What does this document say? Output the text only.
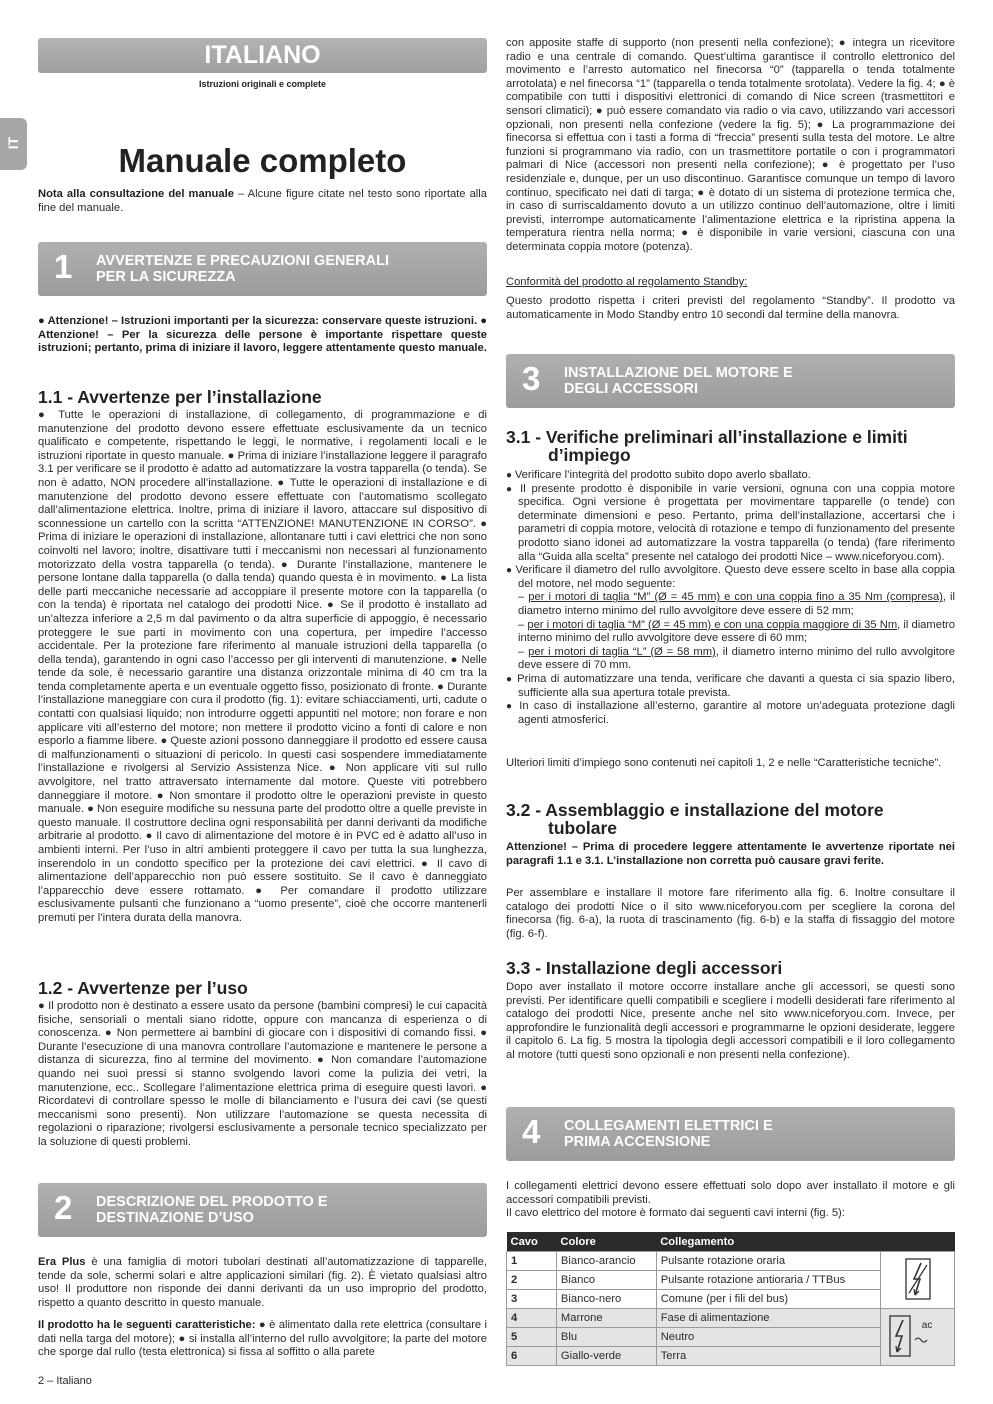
IT
ITALIANO
Istruzioni originali e complete
Manuale completo
Nota alla consultazione del manuale – Alcune figure citate nel testo sono riportate alla fine del manuale.
1 AVVERTENZE E PRECAUZIONI GENERALI
PER LA SICUREZZA
● Attenzione! – Istruzioni importanti per la sicurezza: conservare queste istruzioni. ● Attenzione! – Per la sicurezza delle persone è importante rispettare queste istruzioni; pertanto, prima di iniziare il lavoro, leggere attentamente questo manuale.
1.1 - Avvertenze per l’installazione
● Tutte le operazioni di installazione, di collegamento, di programmazione e di manutenzione del prodotto devono essere effettuate esclusivamente da un tecnico qualificato e competente, rispettando le leggi, le normative, i regolamenti locali e le istruzioni riportate in questo manuale. ● Prima di iniziare l’installazione leggere il paragrafo 3.1 per verificare se il prodotto è adatto ad automatizzare la vostra tapparella (o tenda). Se non è adatto, NON procedere all’installazione. ● Tutte le operazioni di installazione e di manutenzione del prodotto devono essere effettuate con l’automatismo scollegato dall’alimentazione elettrica. Inoltre, prima di iniziare il lavoro, attaccare sul dispositivo di sconnessione un cartello con la scritta “ATTENZIONE! MANUTENZIONE IN CORSO”. ● Prima di iniziare le operazioni di installazione, allontanare tutti i cavi elettrici che non sono coinvolti nel lavoro; inoltre, disattivare tutti i meccanismi non necessari al funzionamento motorizzato della vostra tapparella (o tenda). ● Durante l’installazione, mantenere le persone lontane dalla tapparella (o dalla tenda) quando questa è in movimento. ● La lista delle parti meccaniche necessarie ad accoppiare il presente motore con la tapparella (o con la tenda) è riportata nel catalogo dei prodotti Nice. ● Se il prodotto è installato ad un’altezza inferiore a 2,5 m dal pavimento o da altra superficie di appoggio, è necessario proteggere le sue parti in movimento con una copertura, per impedire l’accesso accidentale. Per la protezione fare riferimento al manuale istruzioni della tapparella (o della tenda), garantendo in ogni caso l’accesso per gli interventi di manutenzione. ● Nelle tende da sole, è necessario garantire una distanza orizzontale minima di 40 cm tra la tenda completamente aperta e un eventuale oggetto fisso, posizionato di fronte. ● Durante l’installazione maneggiare con cura il prodotto (fig. 1): evitare schiacciamenti, urti, cadute o contatti con qualsiasi liquido; non introdurre oggetti appuntiti nel motore; non forare e non applicare viti all’esterno del motore; non mettere il prodotto vicino a fonti di calore e non esporlo a fiamme libere. ● Queste azioni possono danneggiare il prodotto ed essere causa di malfunzionamenti o situazioni di pericolo. In questi casi sospendere immediatamente l’installazione e rivolgersi al Servizio Assistenza Nice. ● Non applicare viti sul rullo avvolgitore, nel tratto attraversato internamente dal motore. Queste viti potrebbero danneggiare il motore. ● Non smontare il prodotto oltre le operazioni previste in questo manuale. ● Non eseguire modifiche su nessuna parte del prodotto oltre a quelle previste in questo manuale. Il costruttore declina ogni responsabilità per danni derivanti da modifiche arbitrarie al prodotto. ● Il cavo di alimentazione del motore è in PVC ed è adatto all’uso in ambienti interni. Per l’uso in altri ambienti proteggere il cavo per tutta la sua lunghezza, inserendolo in un condotto specifico per la protezione dei cavi elettrici. ● Il cavo di alimentazione dell’apparecchio non può essere sostituito. Se il cavo è danneggiato l’apparecchio deve essere rottamato. ● Per comandare il prodotto utilizzare esclusivamente pulsanti che funzionano a “uomo presente”, cioè che occorre mantenerli premuti per l’intera durata della manovra.
1.2 - Avvertenze per l’uso
● Il prodotto non è destinato a essere usato da persone (bambini compresi) le cui capacità fisiche, sensoriali o mentali siano ridotte, oppure con mancanza di esperienza o di conoscenza. ● Non permettere ai bambini di giocare con i dispositivi di comando fissi. ● Durante l’esecuzione di una manovra controllare l’automazione e mantenere le persone a distanza di sicurezza, fino al termine del movimento. ● Non comandare l’automazione quando nei suoi pressi si stanno svolgendo lavori come la pulizia dei vetri, la manutenzione, ecc.. Scollegare l’alimentazione elettrica prima di eseguire questi lavori. ● Ricordatevi di controllare spesso le molle di bilanciamento e l’usura dei cavi (se questi meccanismi sono presenti). Non utilizzare l’automazione se questa necessita di regolazioni o riparazione; rivolgersi esclusivamente a personale tecnico specializzato per la soluzione di questi problemi.
2 DESCRIZIONE DEL PRODOTTO E
DESTINAZIONE D’USO
Era Plus è una famiglia di motori tubolari destinati all’automatizzazione di tapparelle, tende da sole, schermi solari e altre applicazioni similari (fig. 2). È vietato qualsiasi altro uso! Il produttore non risponde dei danni derivanti da un uso improprio del prodotto, rispetto a quanto descritto in questo manuale.
Il prodotto ha le seguenti caratteristiche: ● è alimentato dalla rete elettrica (consultare i dati nella targa del motore); ● si installa all’interno del rullo avvolgitore; la parte del motore che sporge dal rullo (testa elettronica) si fissa al soffitto o alla parete
con apposite staffe di supporto (non presenti nella confezione); ● integra un ricevitore radio e una centrale di comando. Quest’ultima garantisce il controllo elettronico del movimento e l’arresto automatico nel finecorsa “0” (tapparella o tenda totalmente arrotolata) e nel finecorsa “1” (tapparella o tenda totalmente srotolata). Vedere la fig. 4; ● è compatibile con tutti i dispositivi elettronici di comando di Nice screen (trasmettitori e sensori climatici); ● può essere comandato via radio o via cavo, utilizzando vari accessori opzionali, non presenti nella confezione (vedere la fig. 5); ● La programmazione dei finecorsa si effettua con i tasti a forma di “freccia” presenti sulla testa del motore. Le altre funzioni si programmano via radio, con un trasmettitore portatile o con i programmatori palmari di Nice (accessori non presenti nella confezione); ● è progettato per l’uso residenziale e, dunque, per un uso discontinuo. Garantisce comunque un tempo di lavoro continuo, specificato nei dati di targa; ● è dotato di un sistema di protezione termica che, in caso di surriscaldamento dovuto a un utilizzo continuo dell’automazione, oltre i limiti previsti, interrompe automaticamente l’alimentazione elettrica e la ripristina appena la temperatura rientra nella norma; ● è disponibile in varie versioni, ciascuna con una determinata coppia motore (potenza).
Conformità del prodotto al regolamento Standby:
Questo prodotto rispetta i criteri previsti del regolamento “Standby”. Il prodotto va automaticamente in Modo Standby entro 10 secondi dal termine della manovra.
3 INSTALLAZIONE DEL MOTORE E
DEGLI ACCESSORI
3.1 - Verifiche preliminari all’installazione e limiti
d’impiego

● Verificare l’integrità del prodotto subito dopo averlo sballato.

● Il presente prodotto è disponibile in varie versioni, ognuna con una coppia motore specifica. Ogni versione è progettata per movimentare tapparelle (o tende) con determinate dimensioni e peso. Pertanto, prima dell’installazione, accertarsi che i parametri di coppia motore, velocità di rotazione e tempo di funzionamento del presente prodotto siano idonei ad automatizzare la vostra tapparella (o tenda) (fare riferimento alla “Guida alla scelta” presente nel catalogo dei prodotti Nice – www.niceforyou.com).

● Verificare il diametro del rullo avvolgitore. Questo deve essere scelto in base alla coppia del motore, nel modo seguente:
– per i motori di taglia “M” (Ø = 45 mm) e con una coppia fino a 35 Nm (compresa), il diametro interno minimo del rullo avvolgitore deve essere di 52 mm;
– per i motori di taglia “M” (Ø = 45 mm) e con una coppia maggiore di 35 Nm, il diametro interno minimo del rullo avvolgitore deve essere di 60 mm;
– per i motori di taglia “L” (Ø = 58 mm), il diametro interno minimo del rullo avvolgitore deve essere di 70 mm.

● Prima di automatizzare una tenda, verificare che davanti a questa ci sia spazio libero, sufficiente alla sua apertura totale prevista.

● In caso di installazione all’esterno, garantire al motore un’adeguata protezione dagli agenti atmosferici.

Ulteriori limiti d’impiego sono contenuti nei capitoli 1, 2 e nelle “Caratteristiche tecniche”.
3.2 - Assemblaggio e installazione del motore
tubolare
Attenzione! – Prima di procedere leggere attentamente le avvertenze riportate nei paragrafi 1.1 e 3.1. L’installazione non corretta può causare gravi ferite.
Per assemblare e installare il motore fare riferimento alla fig. 6. Inoltre consultare il catalogo dei prodotti Nice o il sito www.niceforyou.com per scegliere la corona del finecorsa (fig. 6-a), la ruota di trascinamento (fig. 6-b) e la staffa di fissaggio del motore (fig. 6-f).
3.3 - Installazione degli accessori
Dopo aver installato il motore occorre installare anche gli accessori, se questi sono previsti. Per identificare quelli compatibili e scegliere i modelli desiderati fare riferimento al catalogo dei prodotti Nice, presente anche nel sito www.niceforyou.com. Invece, per approfondire le funzionalità degli accessori e programmarne le opzioni desiderate, leggere il capitolo 6. La fig. 5 mostra la tipologia degli accessori compatibili e il loro collegamento al motore (tutti questi sono opzionali e non presenti nella confezione).
4 COLLEGAMENTI ELETTRICI E
PRIMA ACCENSIONE
I collegamenti elettrici devono essere effettuati solo dopo aver installato il motore e gli accessori compatibili previsti.
Il cavo elettrico del motore è formato dai seguenti cavi interni (fig. 5):
Cavo	Colore	Collegamento	
1	Bianco-arancio	Pulsante rotazione oraria	
2	Bianco	Pulsante rotazione antioraria / TTBus	
3	Bianco-nero	Comune (per i fili del bus)	
4	Marrone	Fase di alimentazione	ac
5	Blu	Neutro	
6	Giallo-verde	Terra	
2 – Italiano
